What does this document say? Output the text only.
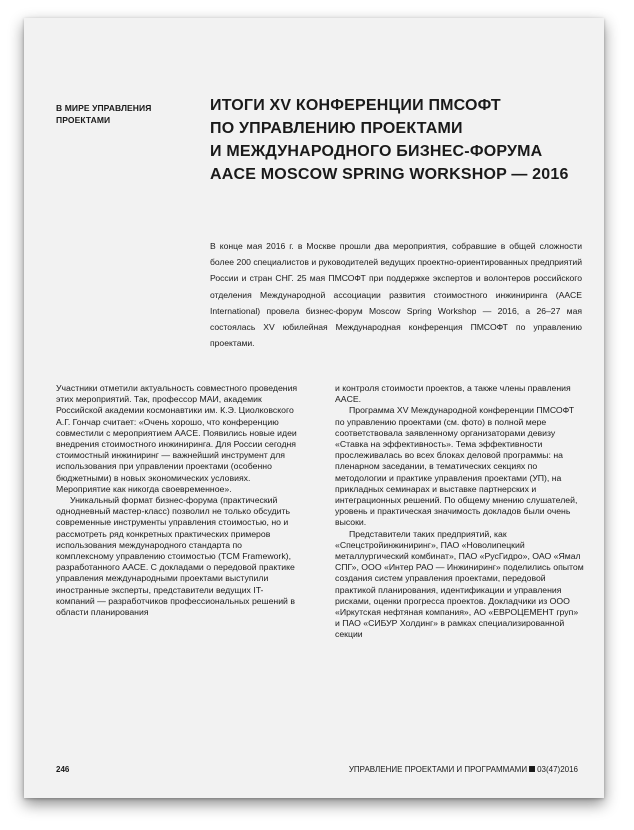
В МИРЕ УПРАВЛЕНИЯ
ПРОЕКТАМИ
ИТОГИ XV КОНФЕРЕНЦИИ ПМСОФТ
ПО УПРАВЛЕНИЮ ПРОЕКТАМИ
И МЕЖДУНАРОДНОГО БИЗНЕС-ФОРУМА
AACE MOSCOW SPRING WORKSHOP — 2016
В конце мая 2016 г. в Москве прошли два мероприятия, собравшие в общей сложности более 200 специалистов и руководителей ведущих проектно-ориентированных предприятий России и стран СНГ. 25 мая ПМСОФТ при поддержке экспертов и волонтеров российского отделения Международной ассоциации развития стоимостного инжиниринга (AACE International) провела бизнес-форум Moscow Spring Workshop — 2016, а 26–27 мая состоялась XV юбилейная Международная конференция ПМСОФТ по управлению проектами.

Участники отметили актуальность совместного проведения этих мероприятий. Так, профессор МАИ, академик Российской академии космонавтики им. К.Э. Циолковского А.Г. Гончар считает: «Очень хорошо, что конференцию совместили с мероприятием AACE. Появились новые идеи внедрения стоимостного инжиниринга. Для России сегодня стоимостный инжиниринг — важнейший инструмент для использования при управлении проектами (особенно бюджетными) в новых экономических условиях. Мероприятие как никогда своевременное».

Уникальный формат бизнес-форума (практический однодневный мастер-класс) позволил не только обсудить современные инструменты управления стоимостью, но и рассмотреть ряд конкретных практических примеров использования международного стандарта по комплексному управлению стоимостью (TCM Framework), разработанного AACE. С докладами о передовой практике управления международными проектами выступили иностранные эксперты, представители ведущих IT-компаний — разработчиков профессиональных решений в области планирования

и контроля стоимости проектов, а также члены правления AACE.

Программа XV Международной конференции ПМСОФТ по управлению проектами (см. фото) в полной мере соответствовала заявленному организаторами девизу «Ставка на эффективность». Тема эффективности прослеживалась во всех блоках деловой программы: на пленарном заседании, в тематических секциях по методологии и практике управления проектами (УП), на прикладных семинарах и выставке партнерских и интеграционных решений. По общему мнению слушателей, уровень и практическая значимость докладов были очень высоки.

Представители таких предприятий, как «Спецстройинжиниринг», ПАО «Новолипецкий металлургический комбинат», ПАО «РусГидро», ОАО «Ямал СПГ», ООО «Интер РАО — Инжиниринг» поделились опытом создания систем управления проектами, передовой практикой планирования, идентификации и управления рисками, оценки прогресса проектов. Докладчики из ООО «Иркутская нефтяная компания», АО «ЕВРОЦЕМЕНТ груп» и ПАО «СИБУР Холдинг» в рамках специализированной секции

246	УПРАВЛЕНИЕ ПРОЕКТАМИ И ПРОГРАММАМИ 03(47)2016
